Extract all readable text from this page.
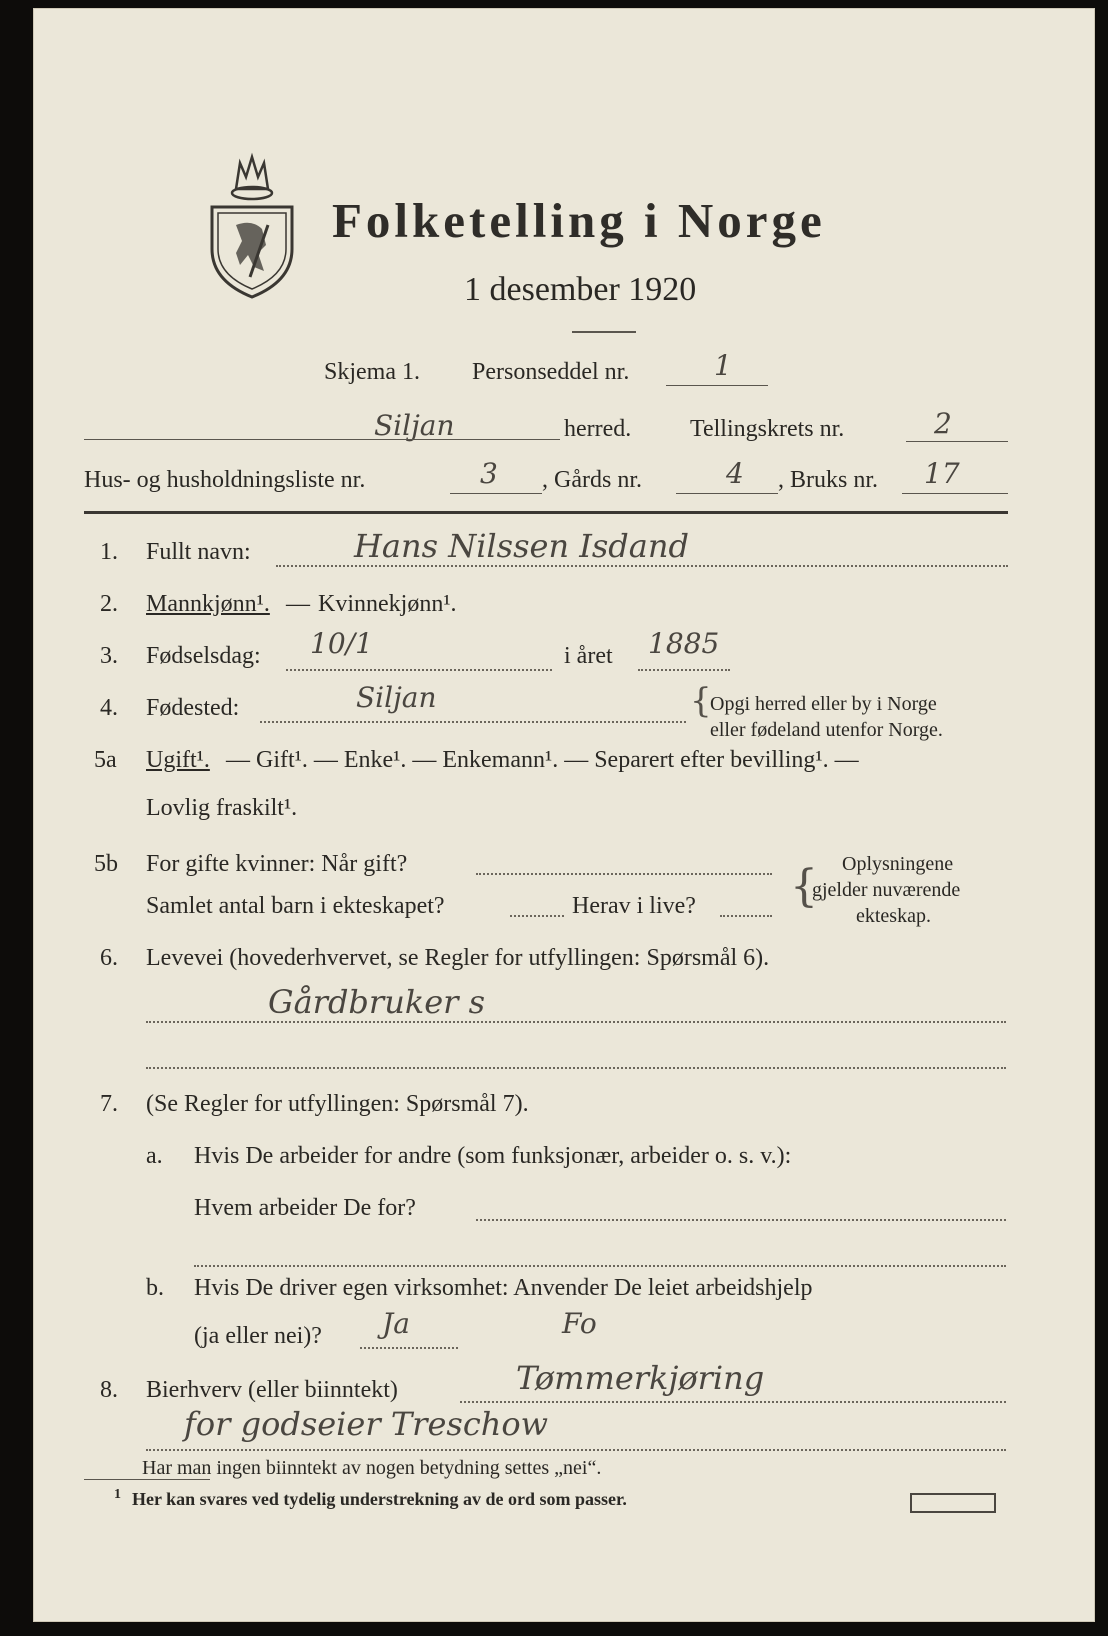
Folketelling i Norge
1 desember 1920
Skjema 1. Personseddel nr.	1
Siljan	herred. Tellingskrets nr.	2
Hus- og husholdningsliste nr.	3 , Gårds nr.	4 , Bruks nr. 17
1. Fullt navn:	Hans Nilssen Isdand
2. Mannkjønn¹. — Kvinnekjønn¹.
3. Fødselsdag: 10/1	i året 1885
4. Fødested:	Siljan	{
Opgi herred eller by i Norge
eller fødeland utenfor Norge.
5a Ugift¹. — Gift¹. — Enke¹. — Enkemann¹. — Separert efter bevilling¹. —
Lovlig fraskilt¹.
5b For gifte kvinner: Når gift?
Samlet antal barn i ekteskapet?	Herav i live? { Oplysningene
gjelder nuværende
ekteskap.
6. Levevei (hovederhvervet, se Regler for utfyllingen: Spørsmål 6).
Gårdbruker s
7. (Se Regler for utfyllingen: Spørsmål 7).
a. Hvis De arbeider for andre (som funksjonær, arbeider o. s. v.):
Hvem arbeider De for?
b. Hvis De driver egen virksomhet: Anvender De leiet arbeidshjelp
(ja eller nei)? Ja	Fo
8. Bierhverv (eller biinntekt)	Tømmerkjøring
for godseier Treschow
Har man ingen biinntekt av nogen betydning settes „nei“.
1 Her kan svares ved tydelig understrekning av de ord som passer.
